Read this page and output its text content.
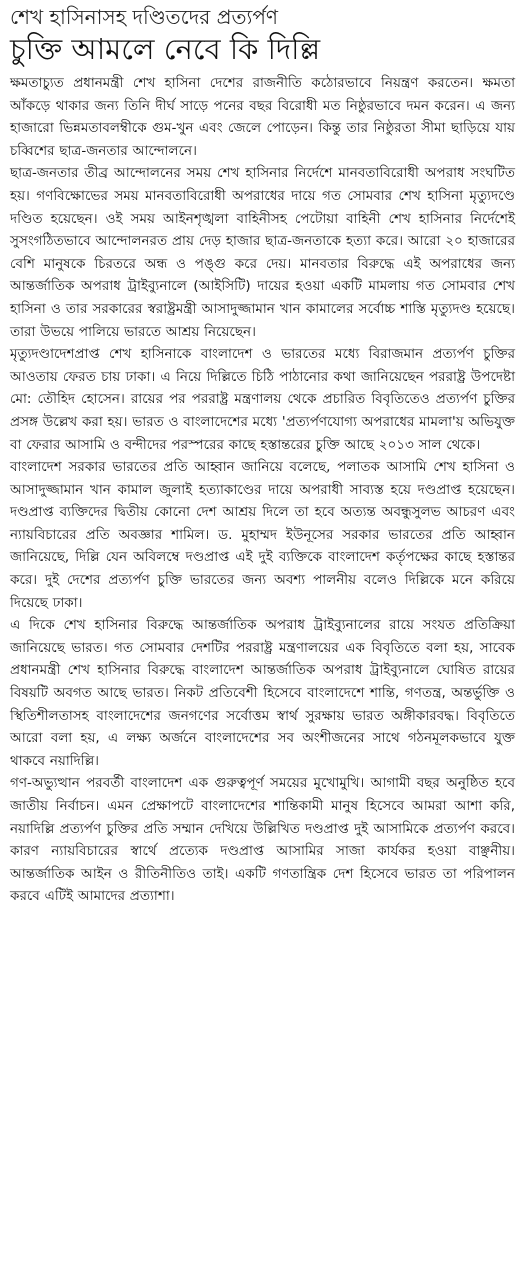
শেখ হাসিনাসহ দণ্ডিতদের প্রত্যর্পণ
চুক্তি আমলে নেবে কি দিল্লি

ক্ষমতাচ্যুত প্রধানমন্ত্রী শেখ হাসিনা দেশের রাজনীতি কঠোরভাবে নিয়ন্ত্রণ করতেন। ক্ষমতা আঁকড়ে থাকার জন্য তিনি দীর্ঘ সাড়ে পনের বছর বিরোধী মত নিষ্ঠুরভাবে দমন করেন। এ জন্য হাজারো ভিন্নমতাবলম্বীকে গুম-খুন এবং জেলে পোড়েন। কিন্তু তার নিষ্ঠুরতা সীমা ছাড়িয়ে যায় চব্বিশের ছাত্র-জনতার আন্দোলনে।

ছাত্র-জনতার তীব্র আন্দোলনের সময় শেখ হাসিনার নির্দেশে মানবতাবিরোধী অপরাধ সংঘটিত হয়। গণবিক্ষোভের সময় মানবতাবিরোধী অপরাধের দায়ে গত সোমবার শেখ হাসিনা মৃত্যুদণ্ডে দণ্ডিত হয়েছেন। ওই সময় আইনশৃঙ্খলা বাহিনীসহ পেটোয়া বাহিনী শেখ হাসিনার নির্দেশেই সুসংগঠিতভাবে আন্দোলনরত প্রায় দেড় হাজার ছাত্র-জনতাকে হত্যা করে। আরো ২০ হাজারের বেশি মানুষকে চিরতরে অন্ধ ও পঙ্গু করে দেয়। মানবতার বিরুদ্ধে এই অপরাধের জন্য আন্তর্জাতিক অপরাধ ট্রাইব্যুনালে (আইসিটি) দায়ের হওয়া একটি মামলায় গত সোমবার শেখ হাসিনা ও তার সরকারের স্বরাষ্ট্রমন্ত্রী আসাদুজ্জামান খান কামালের সর্বোচ্চ শাস্তি মৃত্যুদণ্ড হয়েছে। তারা উভয়ে পালিয়ে ভারতে আশ্রয় নিয়েছেন।

মৃত্যুদণ্ডাদেশপ্রাপ্ত শেখ হাসিনাকে বাংলাদেশ ও ভারতের মধ্যে বিরাজমান প্রত্যর্পণ চুক্তির আওতায় ফেরত চায় ঢাকা। এ নিয়ে দিল্লিতে চিঠি পাঠানোর কথা জানিয়েছেন পররাষ্ট্র উপদেষ্টা মো: তৌহিদ হোসেন। রায়ের পর পররাষ্ট্র মন্ত্রণালয় থেকে প্রচারিত বিবৃতিতেও প্রত্যর্পণ চুক্তির প্রসঙ্গ উল্লেখ করা হয়। ভারত ও বাংলাদেশের মধ্যে 'প্রত্যর্পণযোগ্য অপরাধের মামলা'য় অভিযুক্ত বা ফেরার আসামি ও বন্দীদের পরস্পরের কাছে হস্তান্তরের চুক্তি আছে ২০১৩ সাল থেকে।

বাংলাদেশ সরকার ভারতের প্রতি আহ্বান জানিয়ে বলেছে, পলাতক আসামি শেখ হাসিনা ও আসাদুজ্জামান খান কামাল জুলাই হত্যাকাণ্ডের দায়ে অপরাধী সাব্যস্ত হয়ে দণ্ডপ্রাপ্ত হয়েছেন। দণ্ডপ্রাপ্ত ব্যক্তিদের দ্বিতীয় কোনো দেশ আশ্রয় দিলে তা হবে অত্যন্ত অবন্ধুসুলভ আচরণ এবং ন্যায়বিচারের প্রতি অবজ্ঞার শামিল। ড. মুহাম্মদ ইউনূসের সরকার ভারতের প্রতি আহ্বান জানিয়েছে, দিল্লি যেন অবিলম্বে দণ্ডপ্রাপ্ত এই দুই ব্যক্তিকে বাংলাদেশ কর্তৃপক্ষের কাছে হস্তান্তর করে। দুই দেশের প্রত্যর্পণ চুক্তি ভারতের জন্য অবশ্য পালনীয় বলেও দিল্লিকে মনে করিয়ে দিয়েছে ঢাকা।

এ দিকে শেখ হাসিনার বিরুদ্ধে আন্তর্জাতিক অপরাধ ট্রাইব্যুনালের রায়ে সংযত প্রতিক্রিয়া জানিয়েছে ভারত। গত সোমবার দেশটির পররাষ্ট্র মন্ত্রণালয়ের এক বিবৃতিতে বলা হয়, সাবেক প্রধানমন্ত্রী শেখ হাসিনার বিরুদ্ধে বাংলাদেশ আন্তর্জাতিক অপরাধ ট্রাইব্যুনালে ঘোষিত রায়ের বিষয়টি অবগত আছে ভারত। নিকট প্রতিবেশী হিসেবে বাংলাদেশে শান্তি, গণতন্ত্র, অন্তর্ভুক্তি ও স্থিতিশীলতাসহ বাংলাদেশের জনগণের সর্বোত্তম স্বার্থ সুরক্ষায় ভারত অঙ্গীকারবদ্ধ। বিবৃতিতে আরো বলা হয়, এ লক্ষ্য অর্জনে বাংলাদেশের সব অংশীজনের সাথে গঠনমূলকভাবে যুক্ত থাকবে নয়াদিল্লি।

গণ-অভ্যুত্থান পরবর্তী বাংলাদেশ এক গুরুত্বপূর্ণ সময়ের মুখোমুখি। আগামী বছর অনুষ্ঠিত হবে জাতীয় নির্বাচন। এমন প্রেক্ষাপটে বাংলাদেশের শান্তিকামী মানুষ হিসেবে আমরা আশা করি, নয়াদিল্লি প্রত্যর্পণ চুক্তির প্রতি সম্মান দেখিয়ে উল্লিখিত দণ্ডপ্রাপ্ত দুই আসামিকে প্রত্যর্পণ করবে। কারণ ন্যায়বিচারের স্বার্থে প্রত্যেক দণ্ডপ্রাপ্ত আসামির সাজা কার্যকর হওয়া বাঞ্ছনীয়। আন্তর্জাতিক আইন ও রীতিনীতিও তাই। একটি গণতান্ত্রিক দেশ হিসেবে ভারত তা পরিপালন করবে এটিই আমাদের প্রত্যাশা।
